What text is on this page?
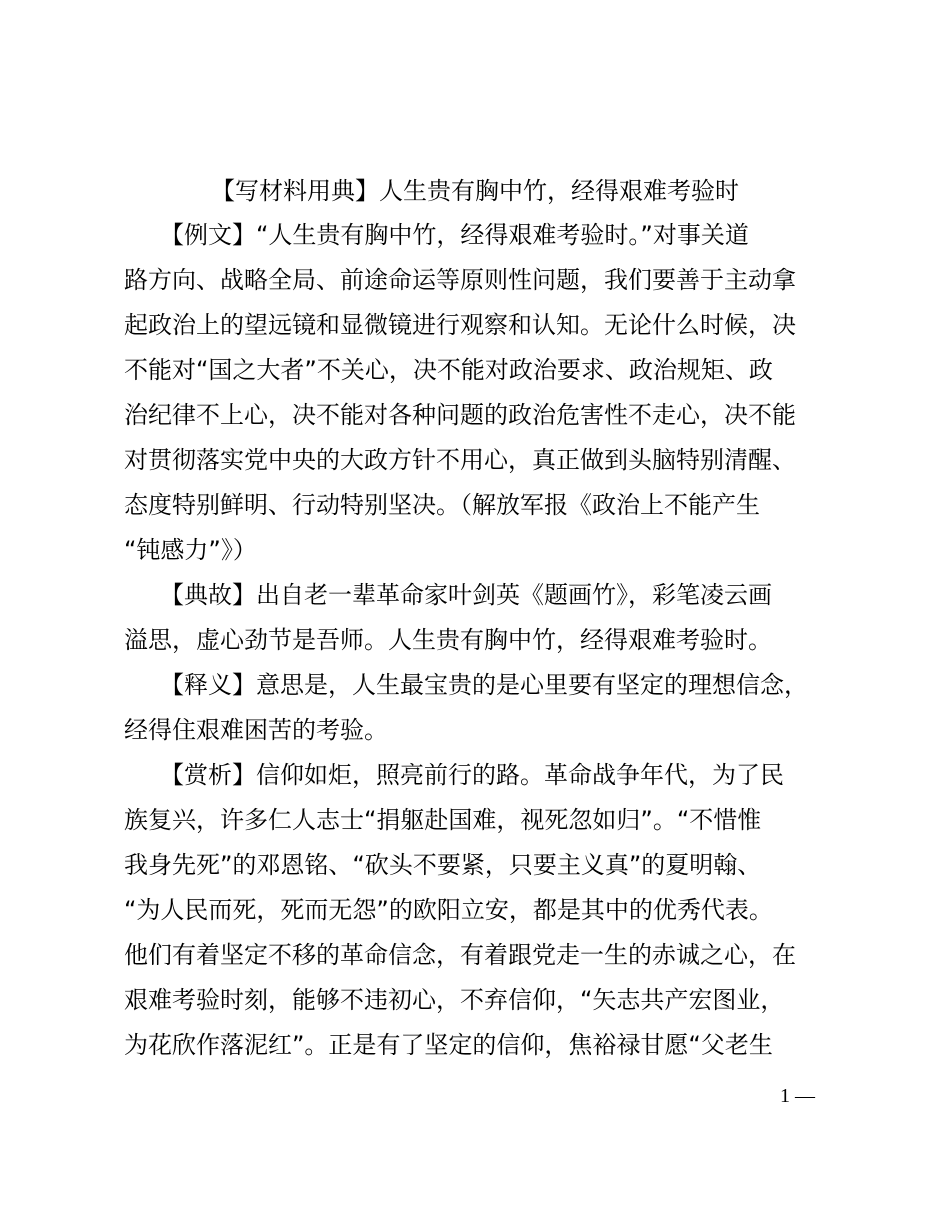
【写材料用典】人生贵有胸中竹，经得艰难考验时

　　【例文】“人生贵有胸中竹，经得艰难考验时。”对事关道

路方向、战略全局、前途命运等原则性问题，我们要善于主动拿

起政治上的望远镜和显微镜进行观察和认知。无论什么时候，决

不能对“国之大者”不关心，决不能对政治要求、政治规矩、政

治纪律不上心，决不能对各种问题的政治危害性不走心，决不能

对贯彻落实党中央的大政方针不用心，真正做到头脑特别清醒、

态度特别鲜明、行动特别坚决。（解放军报《政治上不能产生

“钝感力”》）

　　【典故】出自老一辈革命家叶剑英《题画竹》，彩笔凌云画

溢思，虚心劲节是吾师。人生贵有胸中竹，经得艰难考验时。

　　【释义】意思是，人生最宝贵的是心里要有坚定的理想信念，

经得住艰难困苦的考验。

　　【赏析】信仰如炬，照亮前行的路。革命战争年代，为了民

族复兴，许多仁人志士“捐躯赴国难，视死忽如归”。“不惜惟

我身先死”的邓恩铭、“砍头不要紧，只要主义真”的夏明翰、

“为人民而死，死而无怨”的欧阳立安，都是其中的优秀代表。

他们有着坚定不移的革命信念，有着跟党走一生的赤诚之心，在

艰难考验时刻，能够不违初心，不弃信仰，“矢志共产宏图业，

为花欣作落泥红”。正是有了坚定的信仰，焦裕禄甘愿“父老生

1 —
